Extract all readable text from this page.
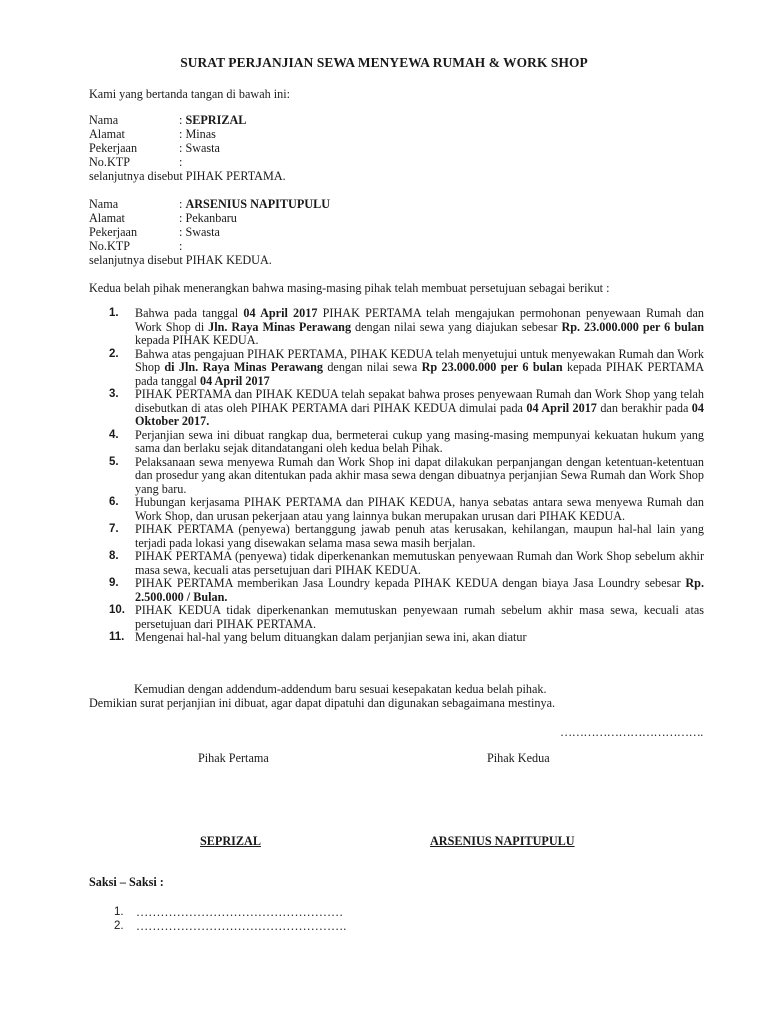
SURAT PERJANJIAN SEWA MENYEWA RUMAH & WORK SHOP
Kami yang bertanda tangan di bawah ini:
Nama	: SEPRIZAL
Alamat	: Minas
Pekerjaan	: Swasta
No.KTP	:
selanjutnya disebut PIHAK PERTAMA.
Nama	: ARSENIUS NAPITUPULU
Alamat	: Pekanbaru
Pekerjaan	: Swasta
No.KTP	:
selanjutnya disebut PIHAK KEDUA.
Kedua belah pihak menerangkan bahwa masing-masing pihak telah membuat persetujuan sebagai berikut :
1. Bahwa pada tanggal 04 April 2017 PIHAK PERTAMA telah mengajukan permohonan penyewaan Rumah dan Work Shop di Jln. Raya Minas Perawang dengan nilai sewa yang diajukan sebesar Rp. 23.000.000 per 6 bulan kepada PIHAK KEDUA.
2. Bahwa atas pengajuan PIHAK PERTAMA, PIHAK KEDUA telah menyetujui untuk menyewakan Rumah dan Work Shop di Jln. Raya Minas Perawang dengan nilai sewa Rp 23.000.000 per 6 bulan kepada PIHAK PERTAMA pada tanggal 04 April 2017
3. PIHAK PERTAMA dan PIHAK KEDUA telah sepakat bahwa proses penyewaan Rumah dan Work Shop yang telah disebutkan di atas oleh PIHAK PERTAMA dari PIHAK KEDUA dimulai pada 04 April 2017 dan berakhir pada 04 Oktober 2017.
4. Perjanjian sewa ini dibuat rangkap dua, bermeterai cukup yang masing-masing mempunyai kekuatan hukum yang sama dan berlaku sejak ditandatangani oleh kedua belah Pihak.
5. Pelaksanaan sewa menyewa Rumah dan Work Shop ini dapat dilakukan perpanjangan dengan ketentuan-ketentuan dan prosedur yang akan ditentukan pada akhir masa sewa dengan dibuatnya perjanjian Sewa Rumah dan Work Shop yang baru.
6. Hubungan kerjasama PIHAK PERTAMA dan PIHAK KEDUA, hanya sebatas antara sewa menyewa Rumah dan Work Shop, dan urusan pekerjaan atau yang lainnya bukan merupakan urusan dari PIHAK KEDUA.
7. PIHAK PERTAMA (penyewa) bertanggung jawab penuh atas kerusakan, kehilangan, maupun hal-hal lain yang terjadi pada lokasi yang disewakan selama masa sewa masih berjalan.
8. PIHAK PERTAMA (penyewa) tidak diperkenankan memutuskan penyewaan Rumah dan Work Shop sebelum akhir masa sewa, kecuali atas persetujuan dari PIHAK KEDUA.
9. PIHAK PERTAMA memberikan Jasa Loundry kepada PIHAK KEDUA dengan biaya Jasa Loundry sebesar Rp. 2.500.000 / Bulan.
10. PIHAK KEDUA tidak diperkenankan memutuskan penyewaan rumah sebelum akhir masa sewa, kecuali atas persetujuan dari PIHAK PERTAMA.
11. Mengenai hal-hal yang belum dituangkan dalam perjanjian sewa ini, akan diatur
Kemudian dengan addendum-addendum baru sesuai kesepakatan kedua belah pihak.
Demikian surat perjanjian ini dibuat, agar dapat dipatuhi dan digunakan sebagaimana mestinya.
……………………………….
Pihak Pertama	Pihak Kedua
SEPRIZAL	ARSENIUS NAPITUPULU
Saksi – Saksi :
1. ……………………………………………
2. …………………………………………….
